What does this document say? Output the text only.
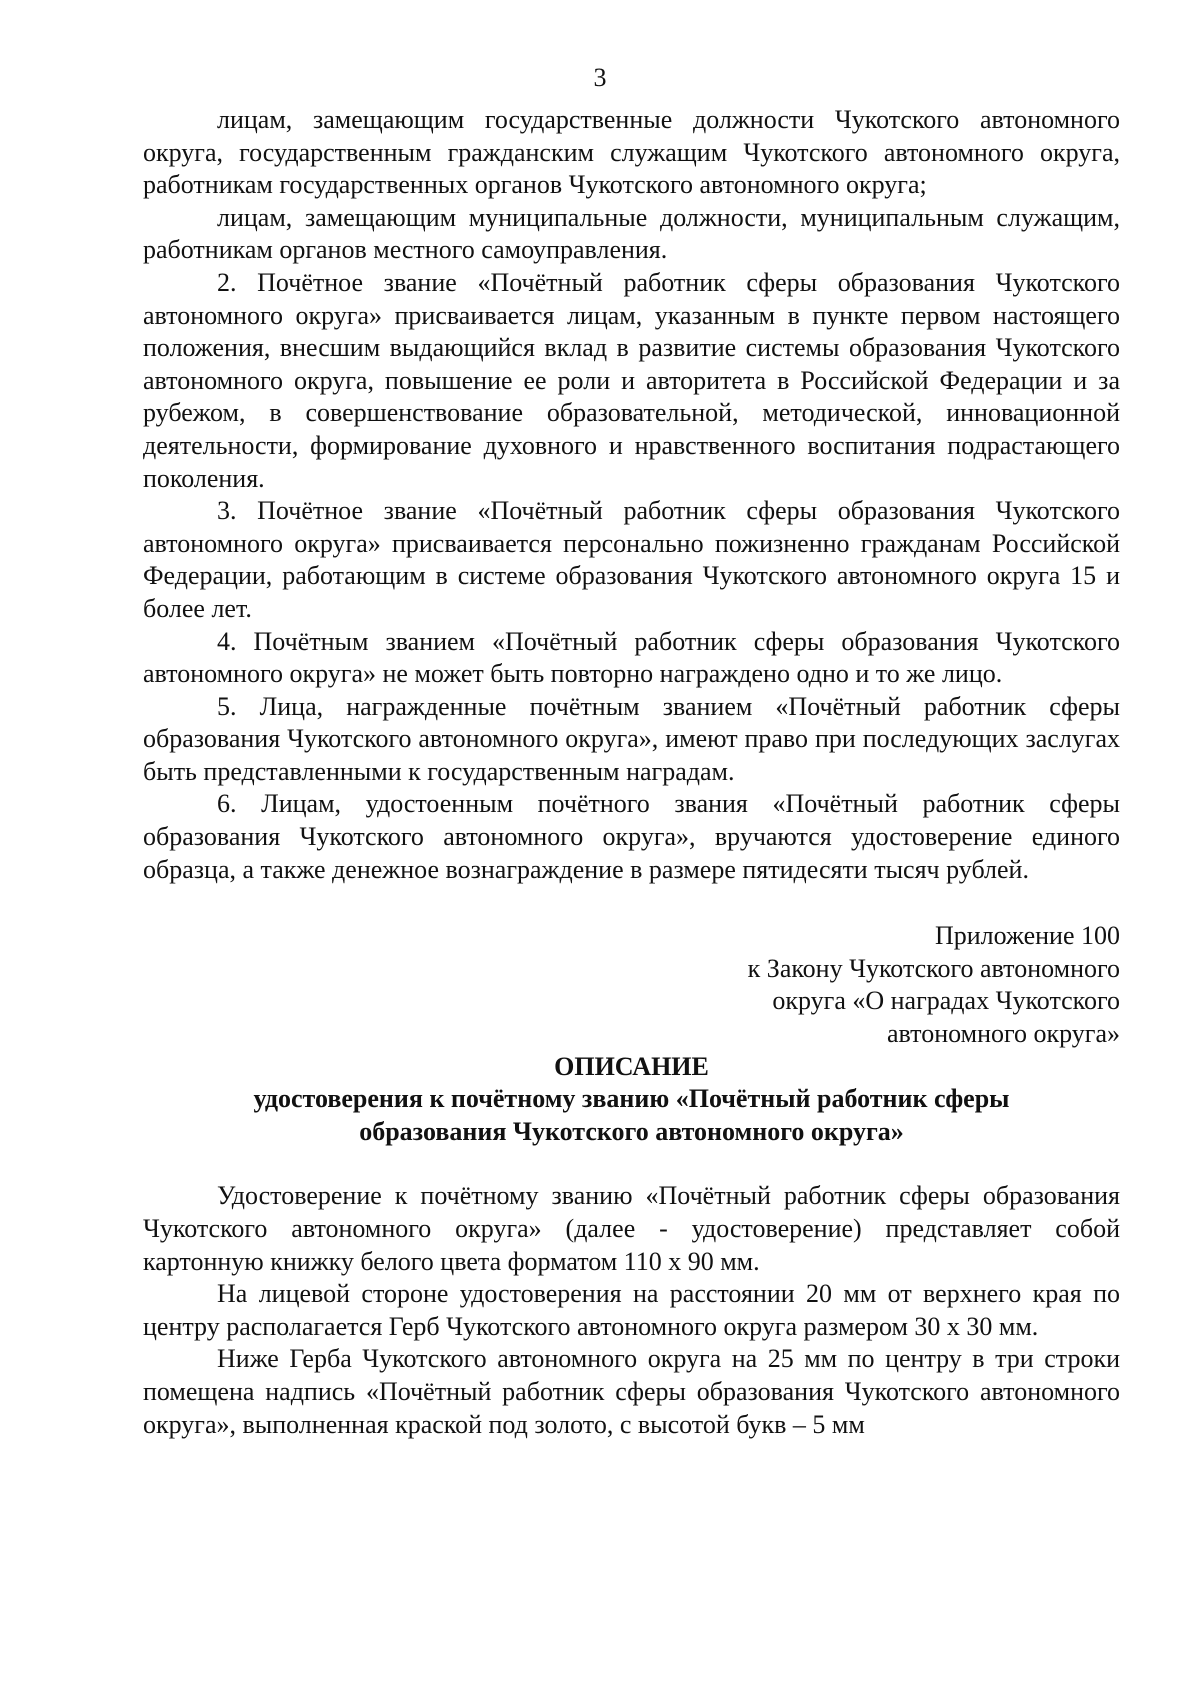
3

лицам, замещающим государственные должности Чукотского автономного округа, государственным гражданским служащим Чукотского автономного округа, работникам государственных органов Чукотского автономного округа;

лицам, замещающим муниципальные должности, муниципальным служащим, работникам органов местного самоуправления.

2. Почётное звание «Почётный работник сферы образования Чукотского автономного округа» присваивается лицам, указанным в пункте первом настоящего положения, внесшим выдающийся вклад в развитие системы образования Чукотского автономного округа, повышение ее роли и авторитета в Российской Федерации и за рубежом, в совершенствование образовательной, методической, инновационной деятельности, формирование духовного и нравственного воспитания подрастающего поколения.

3. Почётное звание «Почётный работник сферы образования Чукотского автономного округа» присваивается персонально пожизненно гражданам Российской Федерации, работающим в системе образования Чукотского автономного округа 15 и более лет.

4. Почётным званием «Почётный работник сферы образования Чукотского автономного округа» не может быть повторно награждено одно и то же лицо.

5. Лица, награжденные почётным званием «Почётный работник сферы образования Чукотского автономного округа», имеют право при последующих заслугах быть представленными к государственным наградам.

6. Лицам, удостоенным почётного звания «Почётный работник сферы образования Чукотского автономного округа», вручаются удостоверение единого образца, а также денежное вознаграждение в размере пятидесяти тысяч рублей.

Приложение 100
к Закону Чукотского автономного
округа «О наградах Чукотского
автономного округа»
ОПИСАНИЕ
удостоверения к почётному званию «Почётный работник сферы образования Чукотского автономного округа»

Удостоверение к почётному званию «Почётный работник сферы образования Чукотского автономного округа» (далее - удостоверение) представляет собой картонную книжку белого цвета форматом 110 х 90 мм.

На лицевой стороне удостоверения на расстоянии 20 мм от верхнего края по центру располагается Герб Чукотского автономного округа размером 30 х 30 мм.

Ниже Герба Чукотского автономного округа на 25 мм по центру в три строки помещена надпись «Почётный работник сферы образования Чукотского автономного округа», выполненная краской под золото, с высотой букв – 5 мм
